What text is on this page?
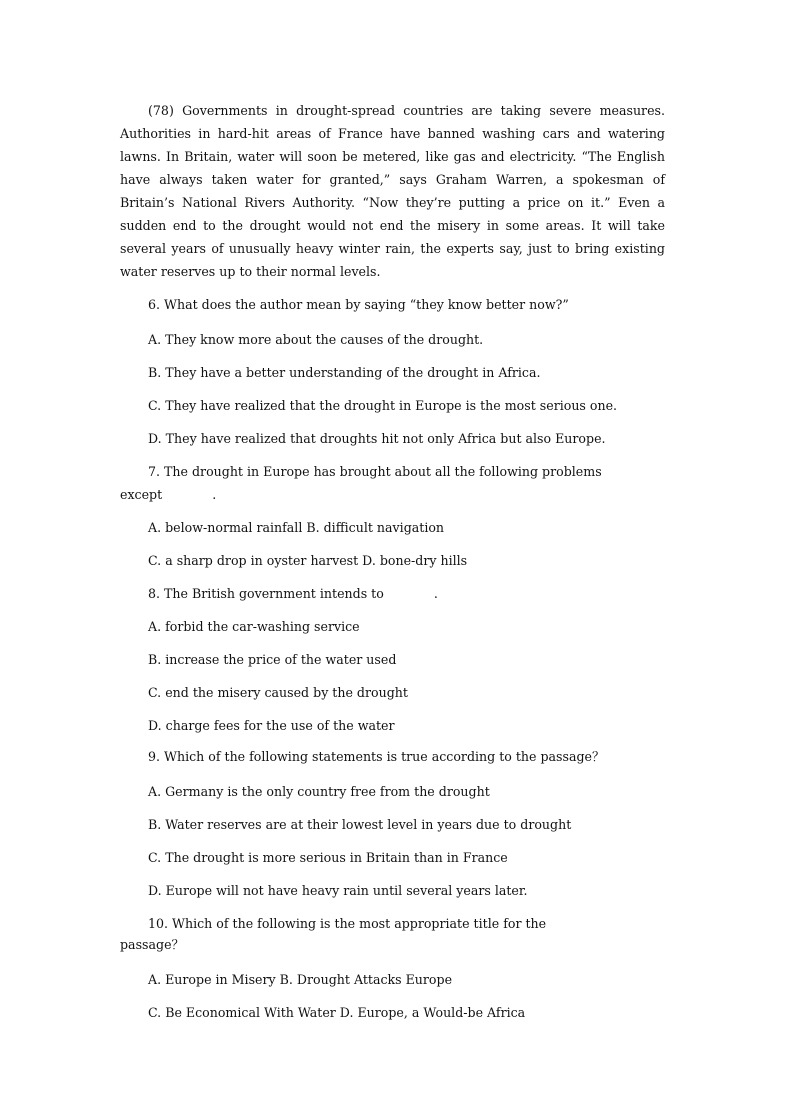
(78) Governments in drought-spread countries are taking severe measures. Authorities in hard-hit areas of France have banned washing cars and watering lawns. In Britain, water will soon be metered, like gas and electricity. “The English have always taken water for granted,” says Graham Warren, a spokesman of Britain’s National Rivers Authority. “Now they’re putting a price on it.” Even a sudden end to the drought would not end the misery in some areas. It will take several years of unusually heavy winter rain, the experts say, just to bring existing water reserves up to their normal levels.

6. What does the author mean by saying “they know better now?”

A. They know more about the causes of the drought.

B. They have a better understanding of the drought in Africa.

C. They have realized that the drought in Europe is the most serious one.

D. They have realized that droughts hit not only Africa but also Europe.

7. The drought in Europe has brought about all the following problems

except	.

A. below-normal rainfall B. difficult navigation

C. a sharp drop in oyster harvest D. bone-dry hills

8. The British government intends to	.

A. forbid the car-washing service

B. increase the price of the water used

C. end the misery caused by the drought

D. charge fees for the use of the water

9. Which of the following statements is true according to the passage？

A. Germany is the only country free from the drought

B. Water reserves are at their lowest level in years due to drought

C. The drought is more serious in Britain than in France

D. Europe will not have heavy rain until several years later.

10. Which of the following is the most appropriate title for the

passage？

A. Europe in Misery B. Drought Attacks Europe

C. Be Economical With Water D. Europe, a Would-be Africa
